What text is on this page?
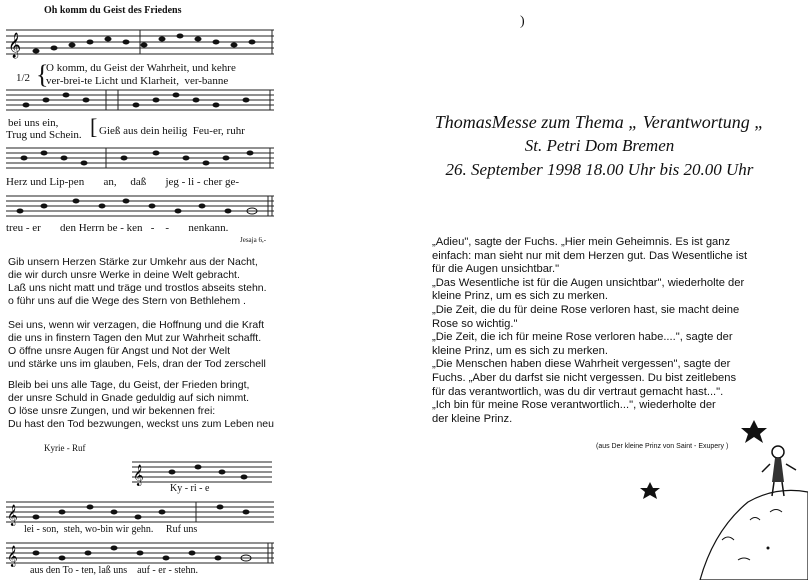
Oh komm du Geist des Friedens
𝄞
1/2 {
O komm, du Geist der Wahrheit, und kehre
ver-brei-te Licht und Klarheit,  ver-banne
bei uns ein,
Trug und Schein. [ Gieß aus dein heilig  Feu-er, ruhr
Herz und Lip-pen       an,     daß       jeg - li - cher ge-
treu - er       den Herrn be - ken   -    -       nenkann.
Jesaja 6,-
Gib unsern Herzen Stärke zur Umkehr aus der Nacht,
die wir durch unsre Werke in deine Welt gebracht.
Laß uns nicht matt und träge und trostlos abseits stehn.
o führ uns auf die Wege des Stern von Bethlehem .
Sei uns, wenn wir verzagen, die Hoffnung und die Kraft
die uns in finstern Tagen den Mut zur Wahrheit schafft.
O öffne unsre Augen für Angst und Not der Welt
und stärke uns im glauben, Fels, dran der Tod zerschell
Bleib bei uns alle Tage, du Geist, der Frieden bringt,
der unsre Schuld in Gnade geduldig auf sich nimmt.
O löse unsre Zungen, und wir bekennen frei:
Du hast den Tod bezwungen, weckst uns zum Leben neu
Kyrie - Ruf
𝄞
Ky - ri - e
𝄞
lei - son,  steh, wo-bin wir gehn.     Ruf uns
𝄞
aus den To - ten, laß uns    auf - er - stehn.
)
ThomasMesse zum Thema „ Verantwortung „
St. Petri Dom Bremen
26. September 1998 18.00 Uhr bis 20.00 Uhr
„Adieu", sagte der Fuchs. „Hier mein Geheimnis. Es ist ganz
einfach: man sieht nur mit dem Herzen gut. Das Wesentliche ist
für die Augen unsichtbar."
„Das Wesentliche ist für die Augen unsichtbar", wiederholte der
kleine Prinz, um es sich zu merken.
„Die Zeit, die du für deine Rose verloren hast, sie macht deine
Rose so wichtig."
„Die Zeit, die ich für meine Rose verloren habe....", sagte der
kleine Prinz, um es sich zu merken.
„Die Menschen haben diese Wahrheit vergessen", sagte der
Fuchs. „Aber du darfst sie nicht vergessen. Du bist zeitlebens
für das verantwortlich, was du dir vertraut gemacht hast...".
„Ich bin für meine Rose verantwortlich...", wiederholte der
der kleine Prinz.
(aus Der kleine Prinz von Saint - Exupery )
